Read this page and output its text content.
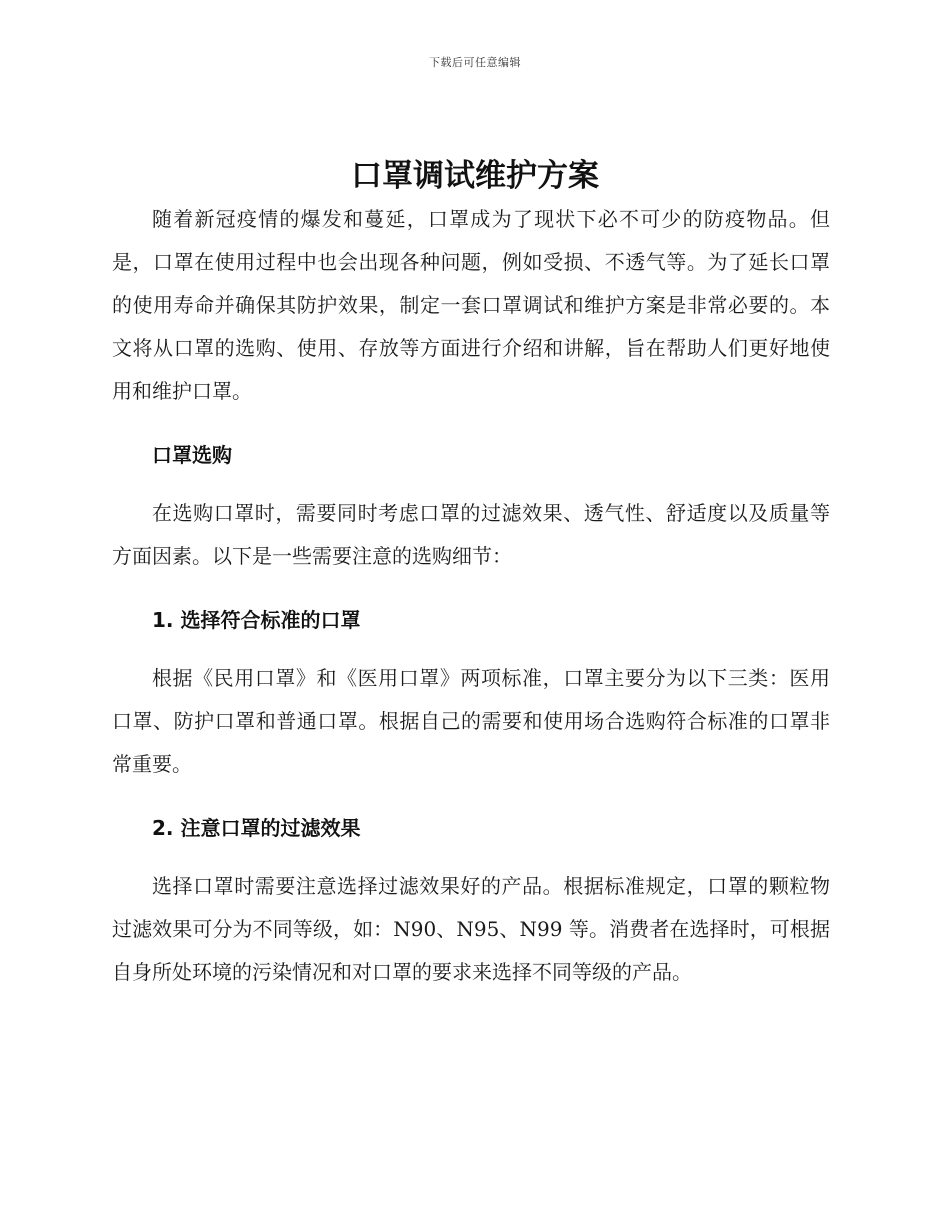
下载后可任意编辑
口罩调试维护方案

随着新冠疫情的爆发和蔓延，口罩成为了现状下必不可少的防疫物品。但是，口罩在使用过程中也会出现各种问题，例如受损、不透气等。为了延长口罩的使用寿命并确保其防护效果，制定一套口罩调试和维护方案是非常必要的。本文将从口罩的选购、使用、存放等方面进行介绍和讲解，旨在帮助人们更好地使用和维护口罩。

口罩选购

在选购口罩时，需要同时考虑口罩的过滤效果、透气性、舒适度以及质量等方面因素。以下是一些需要注意的选购细节：

1. 选择符合标准的口罩

根据《民用口罩》和《医用口罩》两项标准，口罩主要分为以下三类：医用口罩、防护口罩和普通口罩。根据自己的需要和使用场合选购符合标准的口罩非常重要。

2. 注意口罩的过滤效果

选择口罩时需要注意选择过滤效果好的产品。根据标准规定，口罩的颗粒物过滤效果可分为不同等级，如：N90、N95、N99 等。消费者在选择时，可根据自身所处环境的污染情况和对口罩的要求来选择不同等级的产品。
